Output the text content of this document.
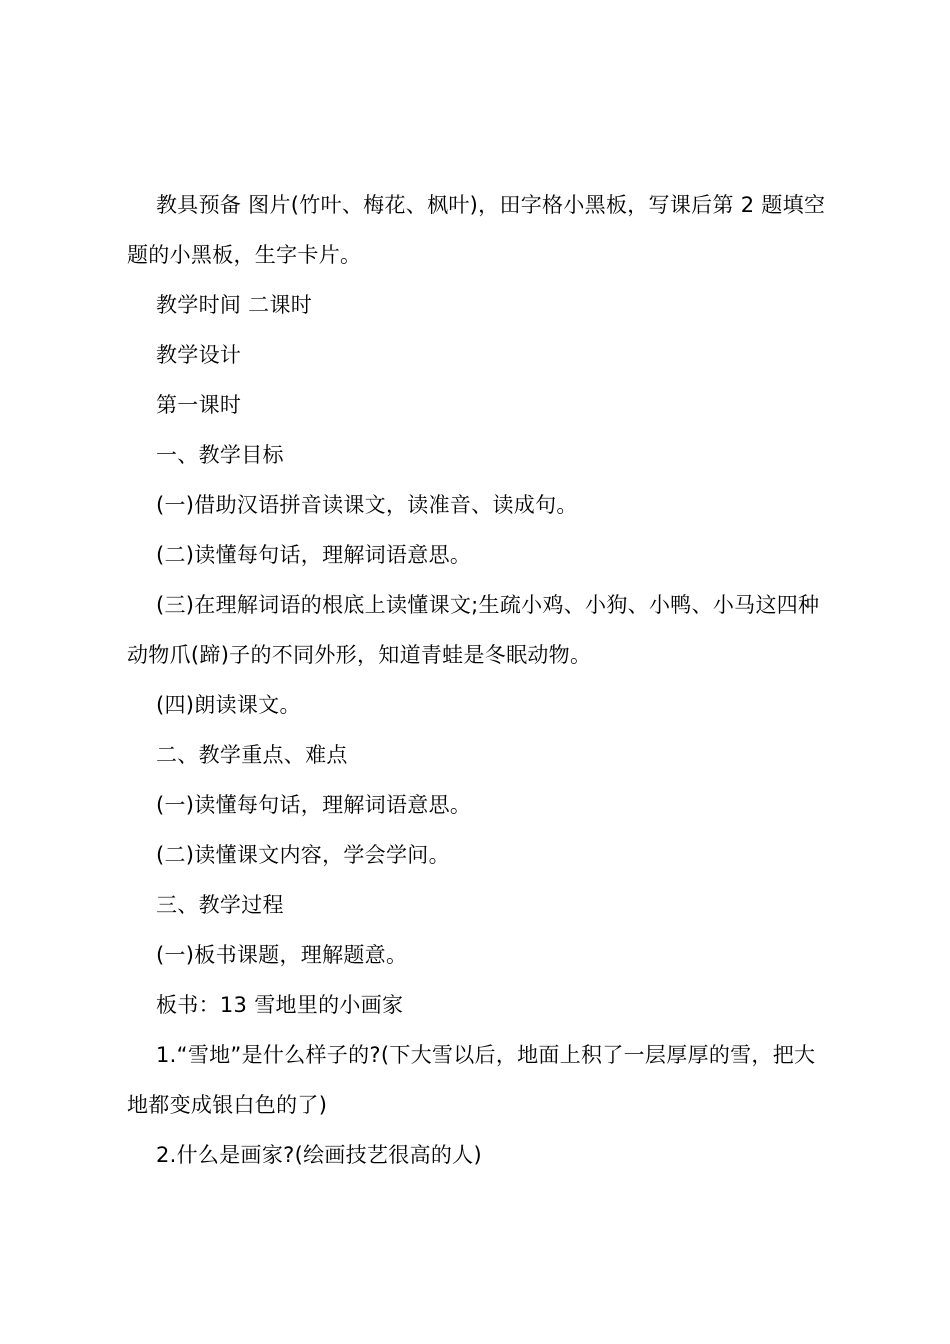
教具预备 图片(竹叶、梅花、枫叶)，田字格小黑板，写课后第 2 题填空题的小黑板，生字卡片。

教学时间 二课时

教学设计

第一课时

一、教学目标

(一)借助汉语拼音读课文，读准音、读成句。

(二)读懂每句话，理解词语意思。

(三)在理解词语的根底上读懂课文;生疏小鸡、小狗、小鸭、小马这四种动物爪(蹄)子的不同外形，知道青蛙是冬眠动物。

(四)朗读课文。

二、教学重点、难点

(一)读懂每句话，理解词语意思。

(二)读懂课文内容，学会学问。

三、教学过程

(一)板书课题，理解题意。

板书：13 雪地里的小画家

1.“雪地”是什么样子的?(下大雪以后，地面上积了一层厚厚的雪，把大地都变成银白色的了)

2.什么是画家?(绘画技艺很高的人)
